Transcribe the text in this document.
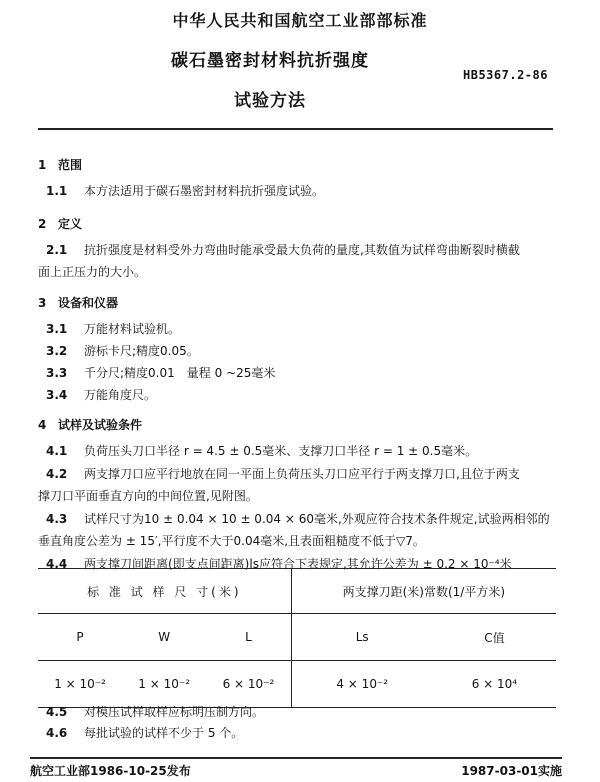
中华人民共和国航空工业部部标准
碳石墨密封材料抗折强度
试验方法
HB5367.2-86
1 范围
1.1 本方法适用于碳石墨密封材料抗折强度试验。
2 定义
2.1 抗折强度是材料受外力弯曲时能承受最大负荷的量度,其数值为试样弯曲断裂时横截
面上正压力的大小。
3 设备和仪器
3.1 万能材料试验机。
3.2 游标卡尺;精度0.05。
3.3 千分尺;精度0.01　量程 0 ~25毫米
3.4 万能角度尺。
4 试样及试验条件
4.1 负荷压头刀口半径 r = 4.5 ± 0.5毫米、支撑刀口半径 r = 1 ± 0.5毫米。
4.2 两支撑刀口应平行地放在同一平面上负荷压头刀口应平行于两支撑刀口,且位于两支
撑刀口平面垂直方向的中间位置,见附图。
4.3 试样尺寸为10 ± 0.04 × 10 ± 0.04 × 60毫米,外观应符合技术条件规定,试验两相邻的
垂直角度公差为 ± 15′,平行度不大于0.04毫米,且表面粗糙度不低于▽7。
4.4 两支撑刀间距离(即支点间距离)ls应符合下表规定,其允许公差为 ± 0.2 × 10⁻⁴米
标 准 试 样 尺 寸(米)			两支撑刀距(米)常数(1/平方米)	
P	W	L	Ls	C值
1 × 10⁻²	1 × 10⁻²	6 × 10⁻²	4 × 10⁻²	6 × 10⁴
4.5 对模压试样取样应标明压制方向。
4.6 每批试验的试样不少于 5 个。
航空工业部1986-10-25发布	1987-03-01实施
